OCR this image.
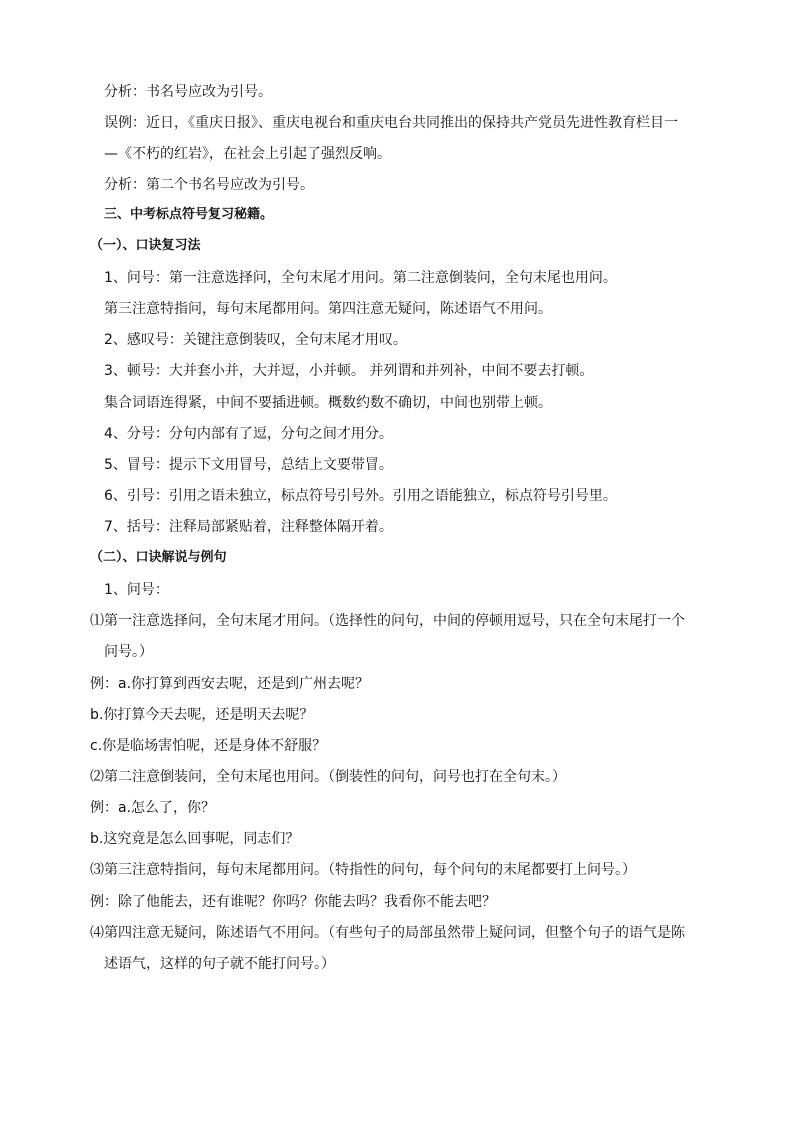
分析：书名号应改为引号。
误例：近日，《重庆日报》、重庆电视台和重庆电台共同推出的保持共产党员先进性教育栏目一
—《不朽的红岩》，在社会上引起了强烈反响。
分析：第二个书名号应改为引号。
三、中考标点符号复习秘籍。
（一）、口诀复习法
1、问号：第一注意选择问，全句末尾才用问。第二注意倒装问，全句末尾也用问。
第三注意特指问，每句末尾都用问。第四注意无疑问，陈述语气不用问。
2、感叹号：关键注意倒装叹，全句末尾才用叹。
3、顿号：大并套小并，大并逗，小并顿。 并列谓和并列补，中间不要去打顿。
集合词语连得紧，中间不要插进顿。概数约数不确切，中间也别带上顿。
4、分号：分句内部有了逗，分句之间才用分。
5、冒号：提示下文用冒号，总结上文要带冒。
6、引号：引用之语未独立，标点符号引号外。引用之语能独立，标点符号引号里。
7、括号：注释局部紧贴着，注释整体隔开着。
（二）、口诀解说与例句
1、问号：
⑴第一注意选择问，全句末尾才用问。（选择性的问句，中间的停顿用逗号，只在全句末尾打一个
问号。）
例：a.你打算到西安去呢，还是到广州去呢？
b.你打算今天去呢，还是明天去呢？
c.你是临场害怕呢，还是身体不舒服？
⑵第二注意倒装问，全句末尾也用问。（倒装性的问句，问号也打在全句末。）
例：a.怎么了，你？
b.这究竟是怎么回事呢，同志们？
⑶第三注意特指问，每句末尾都用问。（特指性的问句，每个问句的末尾都要打上问号。）
例：除了他能去，还有谁呢？你吗？你能去吗？我看你不能去吧？
⑷第四注意无疑问，陈述语气不用问。（有些句子的局部虽然带上疑问词，但整个句子的语气是陈
述语气，这样的句子就不能打问号。）
